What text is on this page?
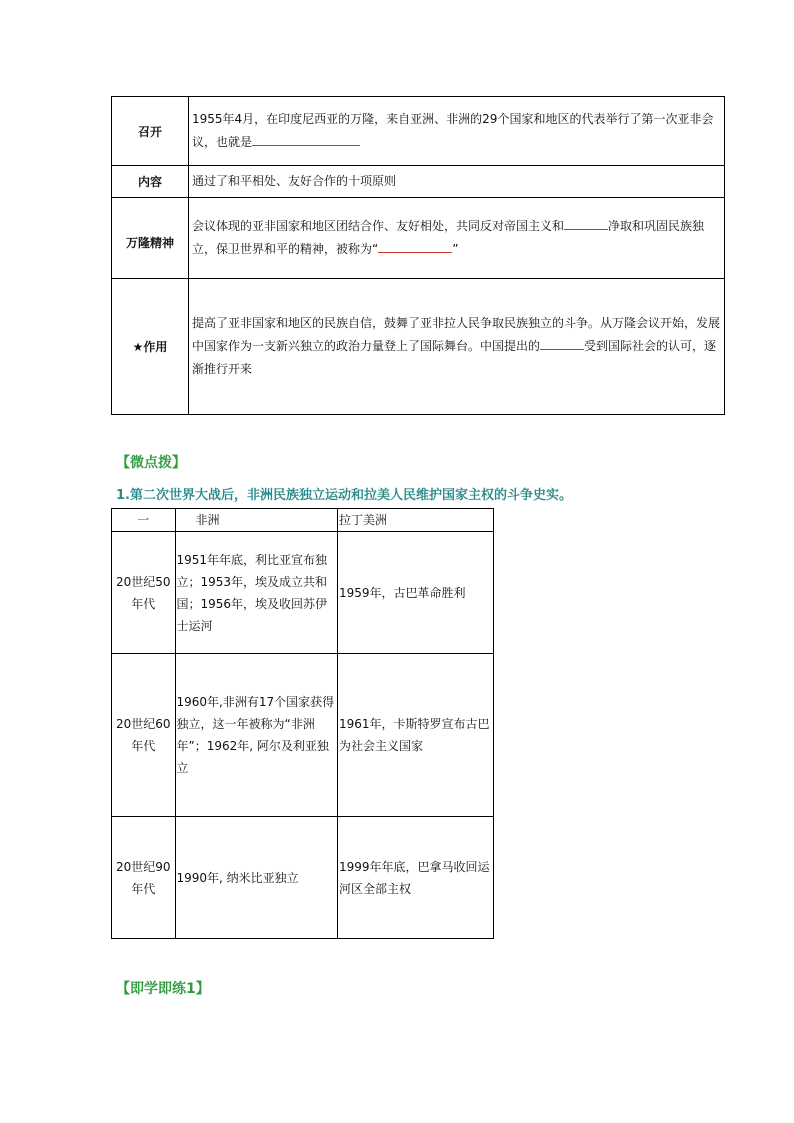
召开	1955年4月，在印度尼西亚的万隆，来自亚洲、非洲的29个国家和地区的代表举行了第一次亚非会议，也就是
内容	通过了和平相处、友好合作的十项原则
万隆精神	会议体现的亚非国家和地区团结合作、友好相处，共同反对帝国主义和 净取和巩固民族独立，保卫世界和平的精神，被称为“ ”
★作用	提高了亚非国家和地区的民族自信，鼓舞了亚非拉人民争取民族独立的斗争。从万隆会议开始，发展中国家作为一支新兴独立的政治力量登上了国际舞台。中国提出的 受到国际社会的认可，逐渐推行开来
【微点拨】
1.第二次世界大战后，非洲民族独立运动和拉美人民维护国家主权的斗争史实。
一	非洲	拉丁美洲
20世纪50年代	1951年年底，利比亚宣布独立；1953年，埃及成立共和国；1956年，埃及收回苏伊士运河	1959年，古巴革命胜利
20世纪60年代	1960年,非洲有17个国家获得独立，这一年被称为“非洲年”；1962年, 阿尔及利亚独立	1961年，卡斯特罗宣布古巴为社会主义国家
20世纪90年代	1990年, 纳米比亚独立	1999年年底，巴拿马收回运河区全部主权
【即学即练1】
